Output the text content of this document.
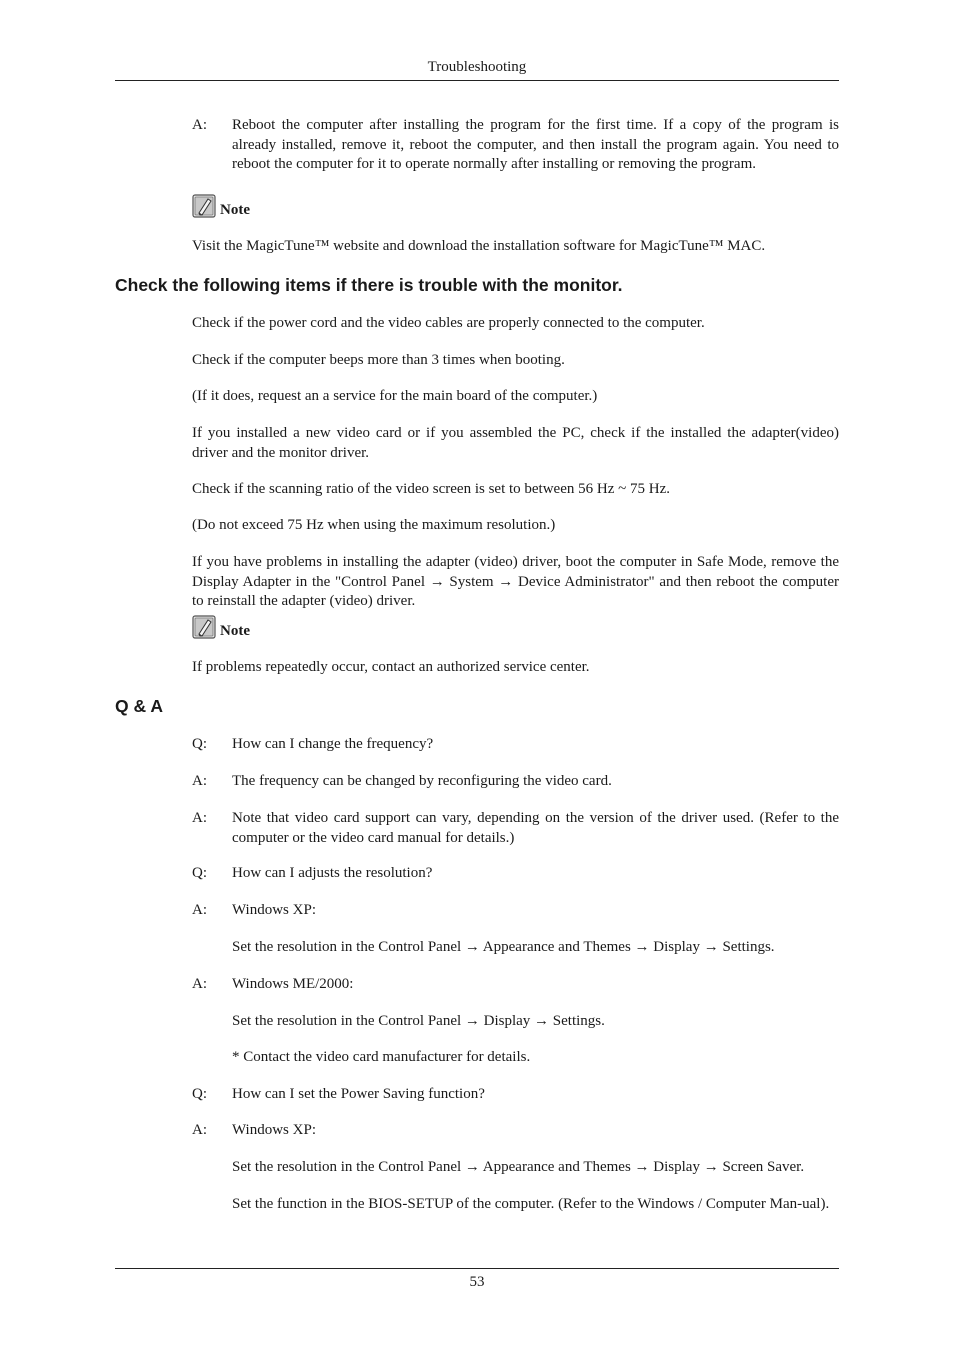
Troubleshooting
A:	Reboot the computer after installing the program for the first time. If a copy of the program is already installed, remove it, reboot the computer, and then install the program again. You need to reboot the computer for it to operate normally after installing or removing the program.
Note
Visit the MagicTune™ website and download the installation software for MagicTune™ MAC.
Check the following items if there is trouble with the monitor.
Check if the power cord and the video cables are properly connected to the computer.
Check if the computer beeps more than 3 times when booting.
(If it does, request an a service for the main board of the computer.)
If you installed a new video card or if you assembled the PC, check if the installed the adapter(video) driver and the monitor driver.
Check if the scanning ratio of the video screen is set to between 56 Hz ~ 75 Hz.
(Do not exceed 75 Hz when using the maximum resolution.)
If you have problems in installing the adapter (video) driver, boot the computer in Safe Mode, remove the Display Adapter in the "Control Panel → System → Device Administrator" and then reboot the computer to reinstall the adapter (video) driver.
Note
If problems repeatedly occur, contact an authorized service center.
Q & A
Q:	How can I change the frequency?
A:	The frequency can be changed by reconfiguring the video card.
A:	Note that video card support can vary, depending on the version of the driver used. (Refer to the computer or the video card manual for details.)
Q:	How can I adjusts the resolution?
A:	Windows XP:
Set the resolution in the Control Panel → Appearance and Themes → Display → Settings.
A:	Windows ME/2000:
Set the resolution in the Control Panel → Display → Settings.
* Contact the video card manufacturer for details.
Q:	How can I set the Power Saving function?
A:	Windows XP:
Set the resolution in the Control Panel → Appearance and Themes → Display → Screen Saver.
Set the function in the BIOS-SETUP of the computer. (Refer to the Windows / Computer Man-ual).
53
